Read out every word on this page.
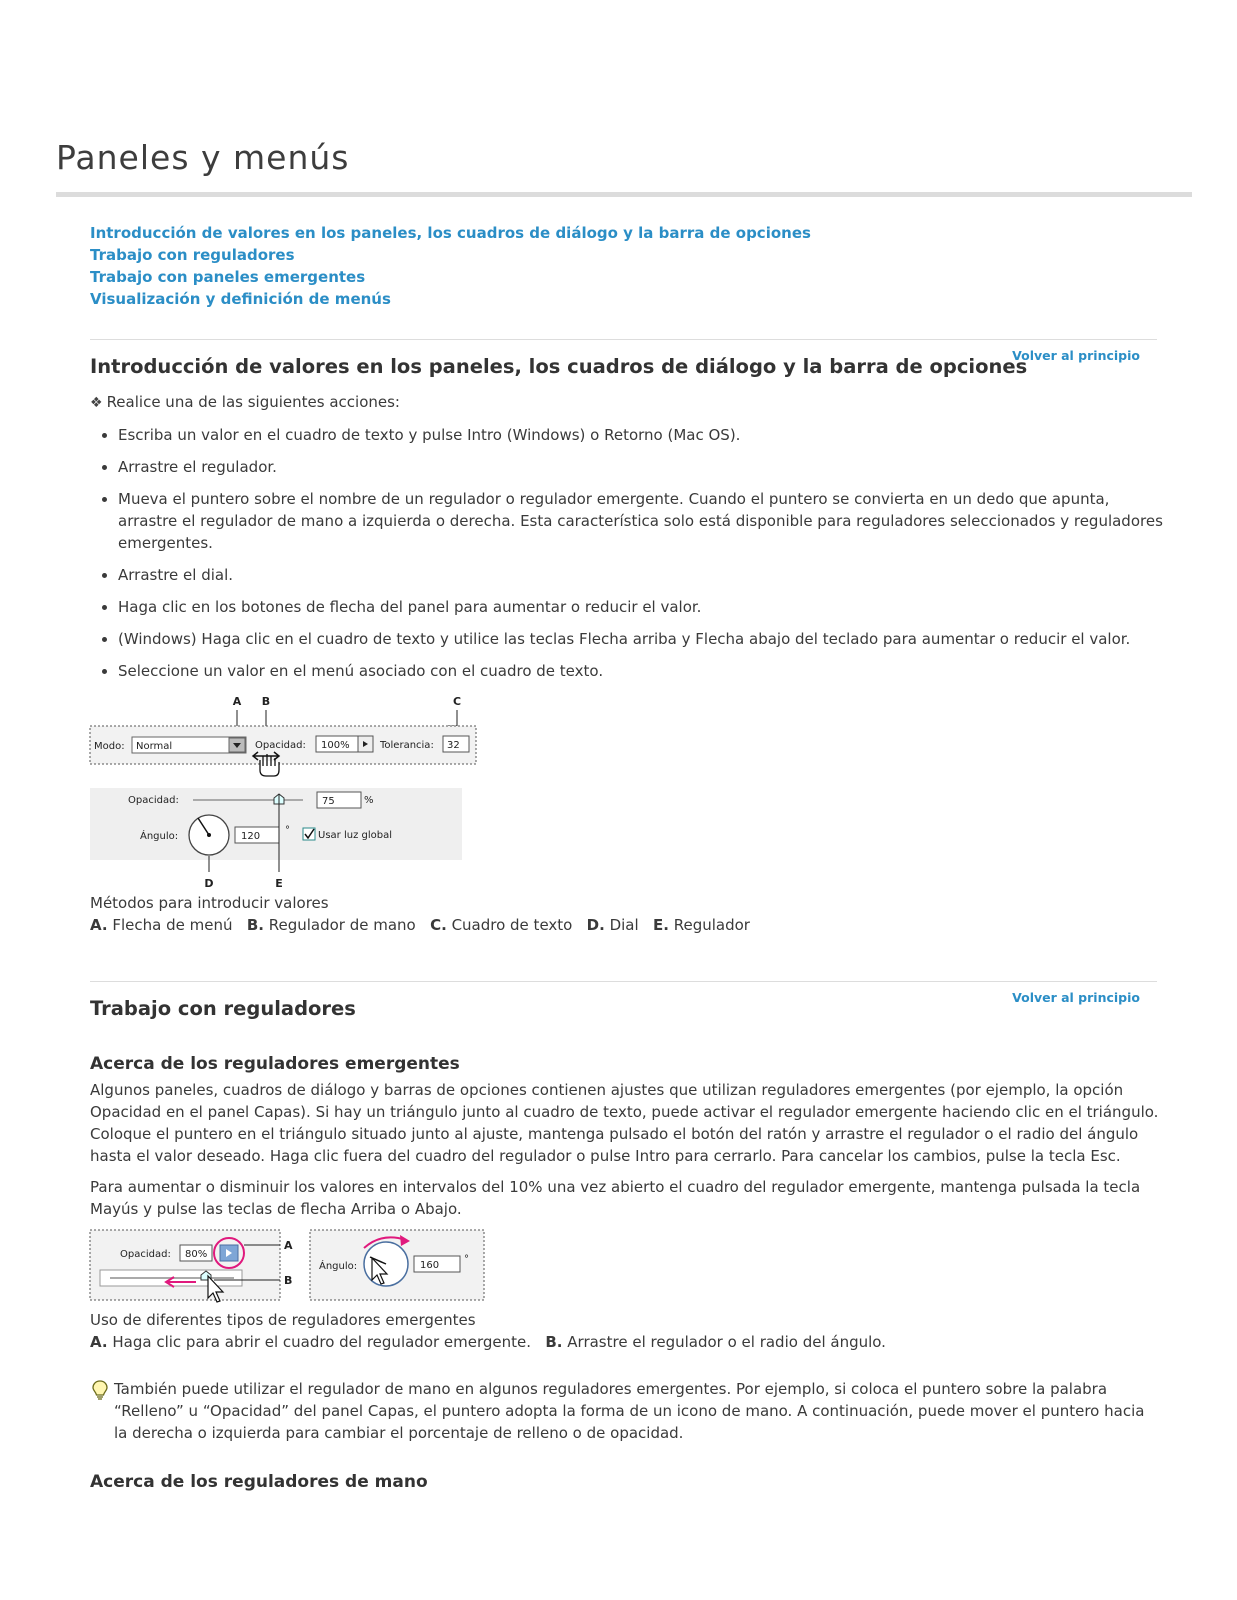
Paneles y menús
Introducción de valores en los paneles, los cuadros de diálogo y la barra de opciones
Trabajo con reguladores
Trabajo con paneles emergentes
Visualización y definición de menús
Volver al principio
Introducción de valores en los paneles, los cuadros de diálogo y la barra de opciones
❖ Realice una de las siguientes acciones:
• Escriba un valor en el cuadro de texto y pulse Intro (Windows) o Retorno (Mac OS).
• Arrastre el regulador.
• Mueva el puntero sobre el nombre de un regulador o regulador emergente. Cuando el puntero se convierta en un dedo que apunta, arrastre el regulador de mano a izquierda o derecha. Esta característica solo está disponible para reguladores seleccionados y reguladores emergentes.
• Arrastre el dial.
• Haga clic en los botones de flecha del panel para aumentar o reducir el valor.
• (Windows) Haga clic en el cuadro de texto y utilice las teclas Flecha arriba y Flecha abajo del teclado para aumentar o reducir el valor.
• Seleccione un valor en el menú asociado con el cuadro de texto.
A B	C
Modo: Normal	Opacidad: 100%	Tolerancia: 32
Opacidad:	75	%
Ángulo:	120
°	Usar luz global
D	E
Métodos para introducir valores
A. Flecha de menú B. Regulador de mano C. Cuadro de texto D. Dial E. Regulador
Volver al principio
Trabajo con reguladores
Acerca de los reguladores emergentes

Algunos paneles, cuadros de diálogo y barras de opciones contienen ajustes que utilizan reguladores emergentes (por ejemplo, la opción Opacidad en el panel Capas). Si hay un triángulo junto al cuadro de texto, puede activar el regulador emergente haciendo clic en el triángulo. Coloque el puntero en el triángulo situado junto al ajuste, mantenga pulsado el botón del ratón y arrastre el regulador o el radio del ángulo hasta el valor deseado. Haga clic fuera del cuadro del regulador o pulse Intro para cerrarlo. Para cancelar los cambios, pulse la tecla Esc.

Para aumentar o disminuir los valores en intervalos del 10% una vez abierto el cuadro del regulador emergente, mantenga pulsada la tecla Mayús y pulse las teclas de flecha Arriba o Abajo.

Opacidad: 80%
A
B
Ángulo:	160
°
Uso de diferentes tipos de reguladores emergentes
A. Haga clic para abrir el cuadro del regulador emergente. B. Arrastre el regulador o el radio del ángulo.

También puede utilizar el regulador de mano en algunos reguladores emergentes. Por ejemplo, si coloca el puntero sobre la palabra “Relleno” u “Opacidad” del panel Capas, el puntero adopta la forma de un icono de mano. A continuación, puede mover el puntero hacia la derecha o izquierda para cambiar el porcentaje de relleno o de opacidad.

Acerca de los reguladores de mano
